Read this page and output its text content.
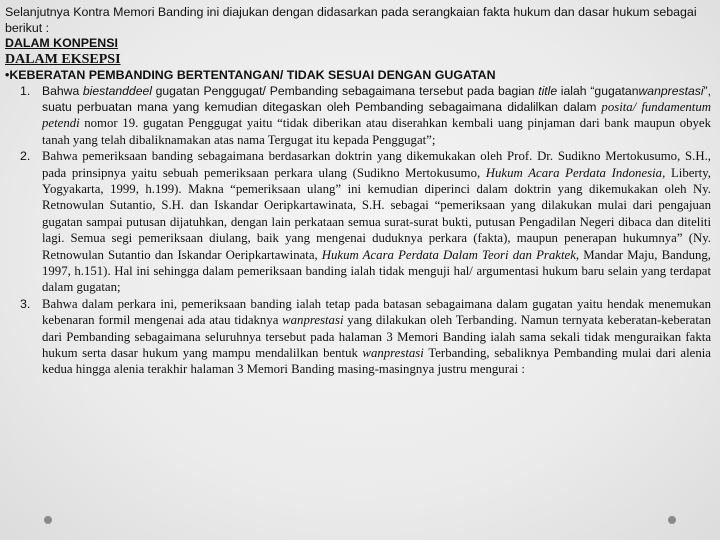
Selanjutnya Kontra Memori Banding ini diajukan dengan didasarkan pada serangkaian fakta hukum dan dasar hukum sebagai berikut :

DALAM KONPENSI

DALAM EKSEPSI

•KEBERATAN PEMBANDING BERTENTANGAN/ TIDAK SESUAI DENGAN GUGATAN

1. Bahwa biestanddeel gugatan Penggugat/ Pembanding sebagaimana tersebut pada bagian title ialah “gugatanwanprestasi”, suatu perbuatan mana yang kemudian ditegaskan oleh Pembanding sebagaimana didalilkan dalam posita/ fundamentum petendi nomor 19. gugatan Penggugat yaitu “tidak diberikan atau diserahkan kembali uang pinjaman dari bank maupun obyek tanah yang telah dibaliknamakan atas nama Tergugat itu kepada Penggugat”;
2. Bahwa pemeriksaan banding sebagaimana berdasarkan doktrin yang dikemukakan oleh Prof. Dr. Sudikno Mertokusumo, S.H., pada prinsipnya yaitu sebuah pemeriksaan perkara ulang (Sudikno Mertokusumo, Hukum Acara Perdata Indonesia, Liberty, Yogyakarta, 1999, h.199). Makna “pemeriksaan ulang” ini kemudian diperinci dalam doktrin yang dikemukakan oleh Ny. Retnowulan Sutantio, S.H. dan Iskandar Oeripkartawinata, S.H. sebagai “pemeriksaan yang dilakukan mulai dari pengajuan gugatan sampai putusan dijatuhkan, dengan lain perkataan semua surat-surat bukti, putusan Pengadilan Negeri dibaca dan diteliti lagi. Semua segi pemeriksaan diulang, baik yang mengenai duduknya perkara (fakta), maupun penerapan hukumnya” (Ny. Retnowulan Sutantio dan Iskandar Oeripkartawinata, Hukum Acara Perdata Dalam Teori dan Praktek, Mandar Maju, Bandung, 1997, h.151). Hal ini sehingga dalam pemeriksaan banding ialah tidak menguji hal/ argumentasi hukum baru selain yang terdapat dalam gugatan;
3. Bahwa dalam perkara ini, pemeriksaan banding ialah tetap pada batasan sebagaimana dalam gugatan yaitu hendak menemukan kebenaran formil mengenai ada atau tidaknya wanprestasi yang dilakukan oleh Terbanding. Namun ternyata keberatan-keberatan dari Pembanding sebagaimana seluruhnya tersebut pada halaman 3 Memori Banding ialah sama sekali tidak menguraikan fakta hukum serta dasar hukum yang mampu mendalilkan bentuk wanprestasi Terbanding, sebaliknya Pembanding mulai dari alenia kedua hingga alenia terakhir halaman 3 Memori Banding masing-masingnya justru mengurai :
